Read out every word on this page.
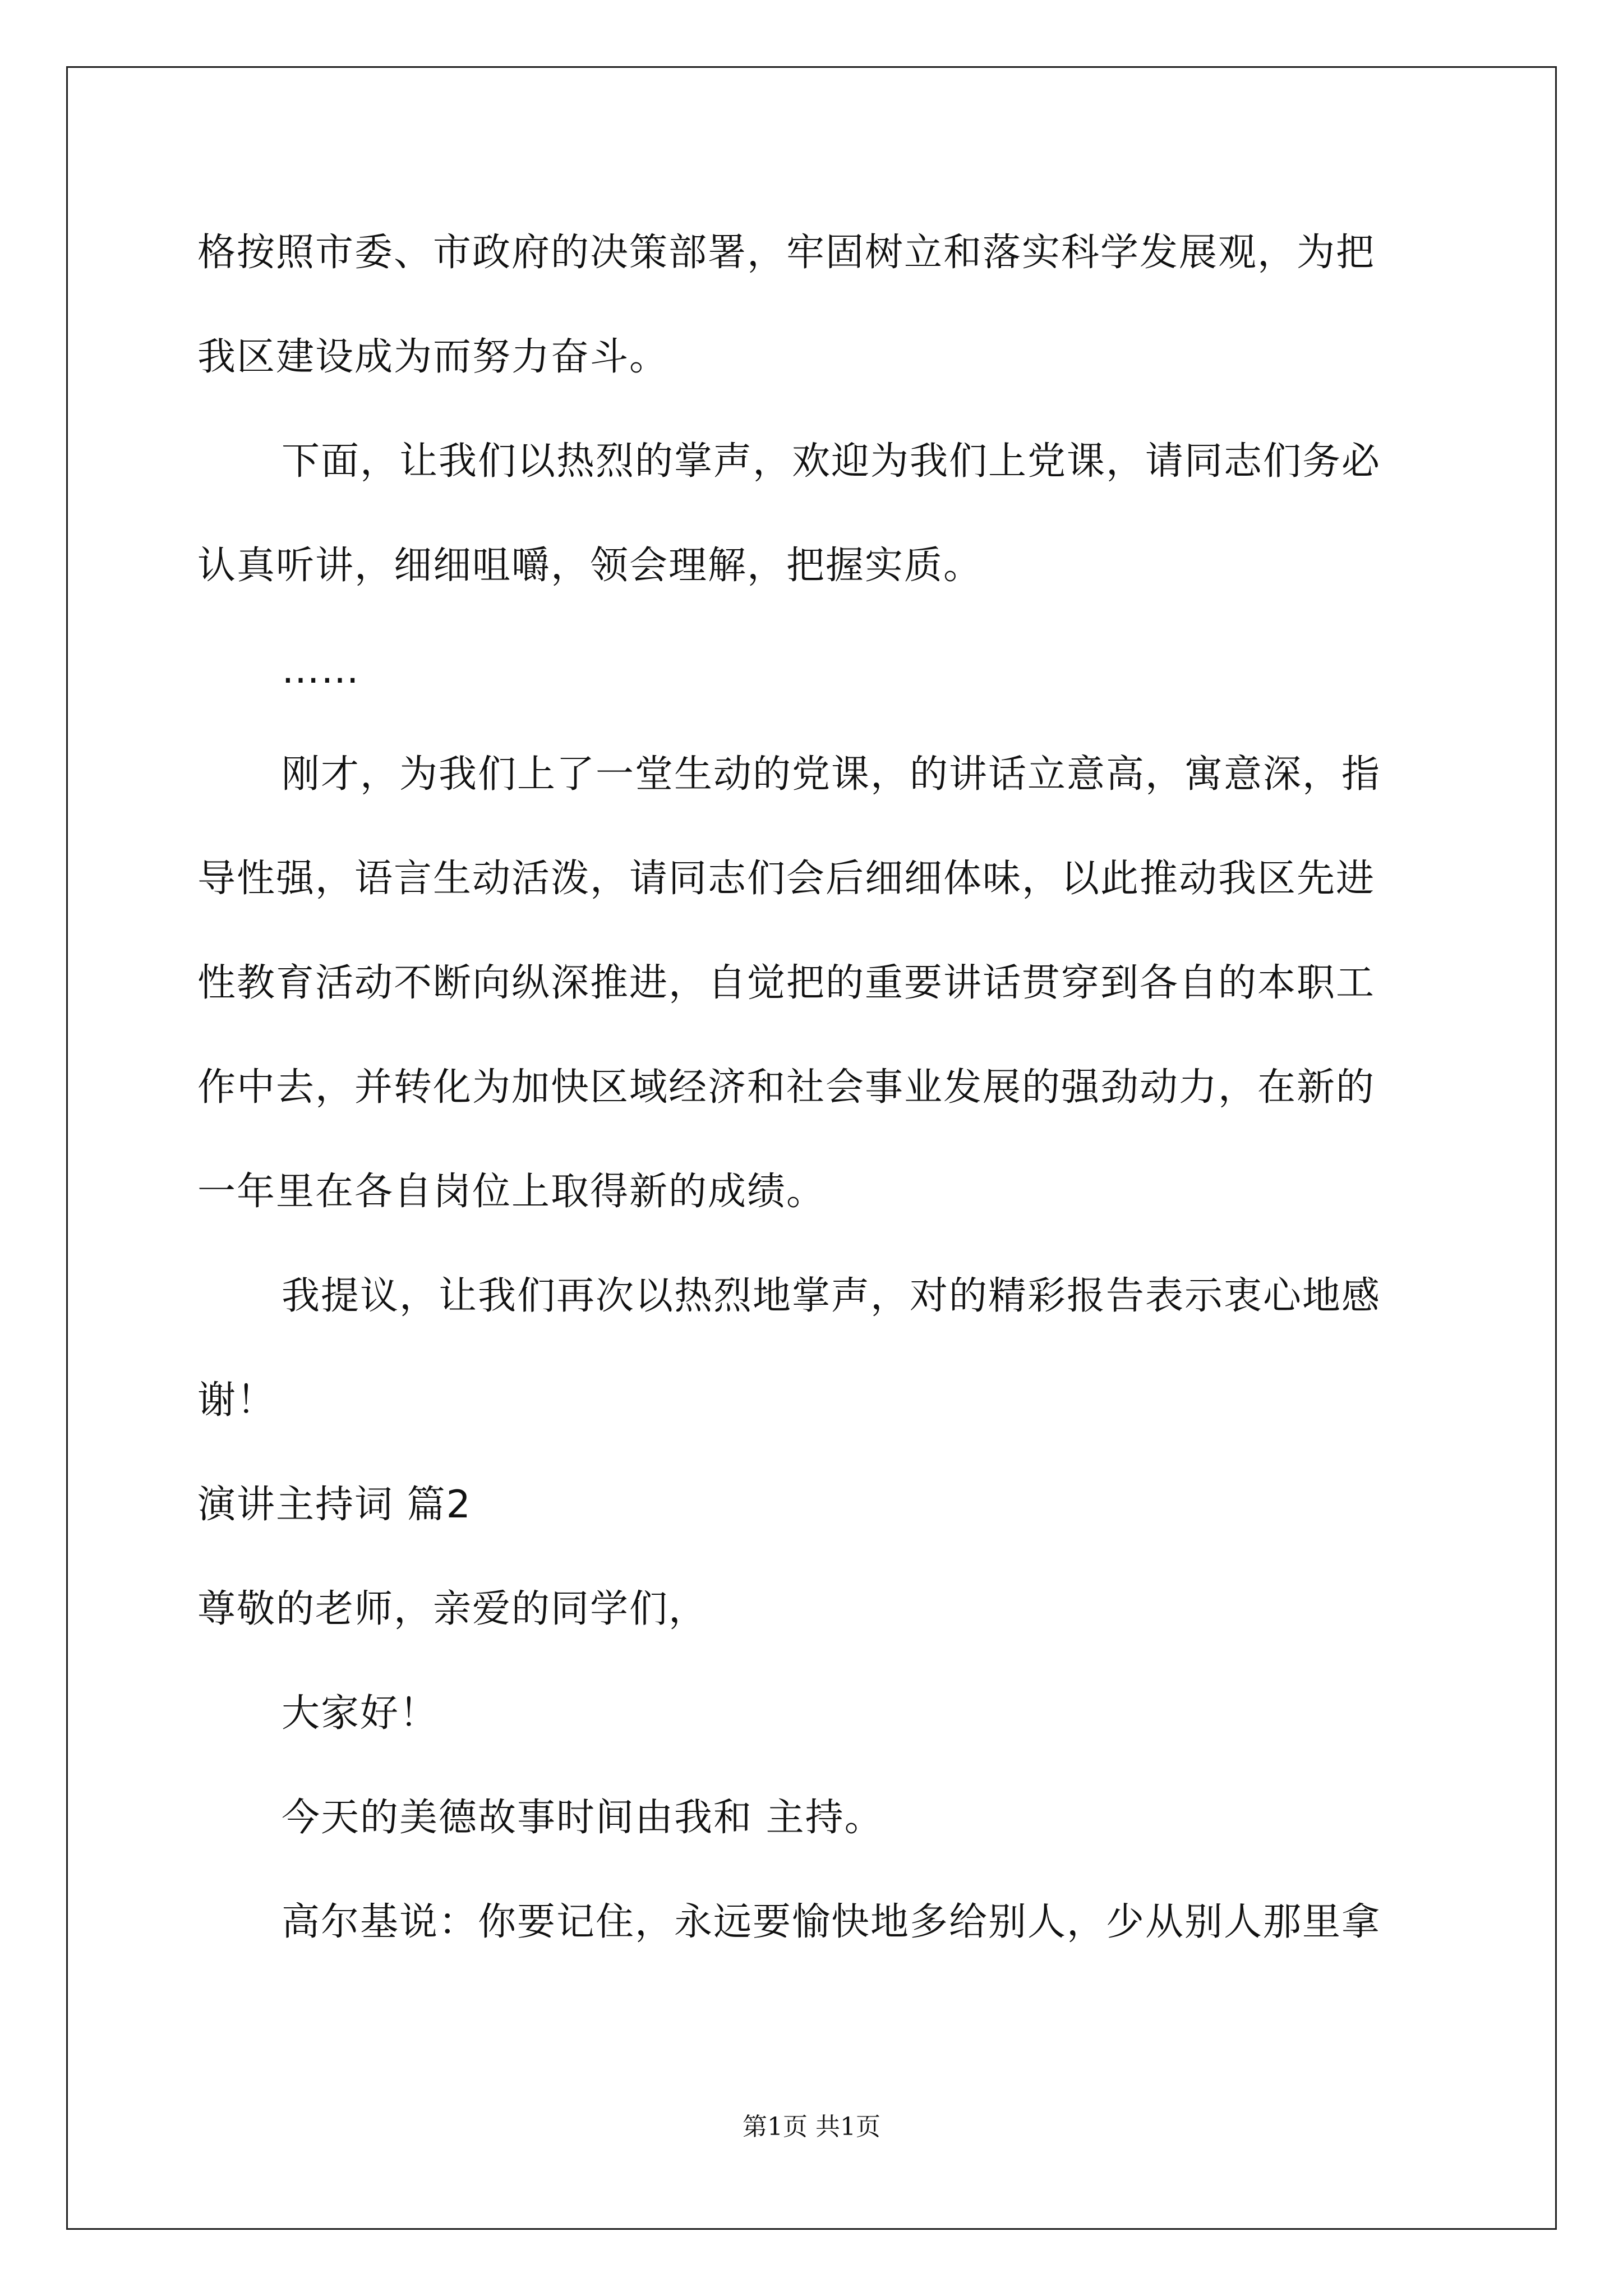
格按照市委、市政府的决策部署，牢固树立和落实科学发展观，为把
我区建设成为而努力奋斗。
下面，让我们以热烈的掌声，欢迎为我们上党课，请同志们务必
认真听讲，细细咀嚼，领会理解，把握实质。
……
刚才，为我们上了一堂生动的党课，的讲话立意高，寓意深，指
导性强，语言生动活泼，请同志们会后细细体味，以此推动我区先进
性教育活动不断向纵深推进，自觉把的重要讲话贯穿到各自的本职工
作中去，并转化为加快区域经济和社会事业发展的强劲动力，在新的
一年里在各自岗位上取得新的成绩。
我提议，让我们再次以热烈地掌声，对的精彩报告表示衷心地感
谢！
演讲主持词 篇2
尊敬的老师，亲爱的同学们，
大家好！
今天的美德故事时间由我和 主持。
高尔基说：你要记住，永远要愉快地多给别人，少从别人那里拿
第1页 共1页
